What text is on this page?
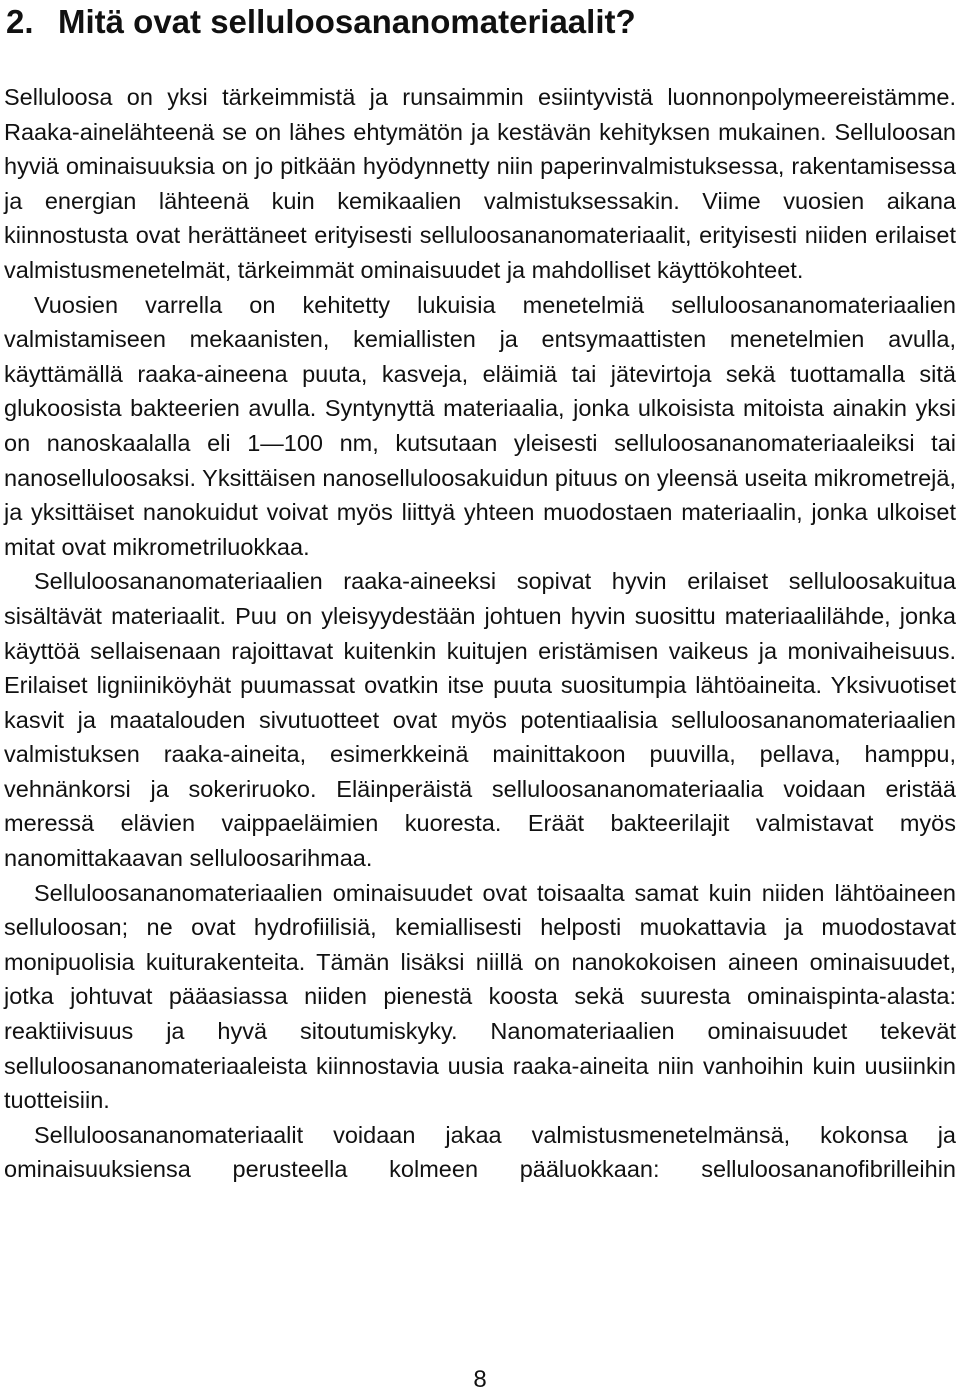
2. Mitä ovat selluloosananomateriaalit?

Selluloosa on yksi tärkeimmistä ja runsaimmin esiintyvistä luonnonpolymeereistämme. Raaka-ainelähteenä se on lähes ehtymätön ja kestävän kehityksen mukainen. Selluloosan hyviä ominaisuuksia on jo pitkään hyödynnetty niin paperinvalmistuksessa, rakentamisessa ja energian lähteenä kuin kemikaalien valmistuksessakin. Viime vuosien aikana kiinnostusta ovat herättäneet erityisesti selluloosananomateriaalit, erityisesti niiden erilaiset valmistusmenetelmät, tärkeimmät ominaisuudet ja mahdolliset käyttökohteet.

Vuosien varrella on kehitetty lukuisia menetelmiä selluloosananomateriaalien valmistamiseen mekaanisten, kemiallisten ja entsymaattisten menetelmien avulla, käyttämällä raaka-aineena puuta, kasveja, eläimiä tai jätevirtoja sekä tuottamalla sitä glukoosista bakteerien avulla. Syntynyttä materiaalia, jonka ulkoisista mitoista ainakin yksi on nanoskaalalla eli 1—100 nm, kutsutaan yleisesti selluloosananomateriaaleiksi tai nanoselluloosaksi. Yksittäisen nanoselluloosakuidun pituus on yleensä useita mikrometrejä, ja yksittäiset nanokuidut voivat myös liittyä yhteen muodostaen materiaalin, jonka ulkoiset mitat ovat mikrometriluokkaa.

Selluloosananomateriaalien raaka-aineeksi sopivat hyvin erilaiset selluloosakuitua sisältävät materiaalit. Puu on yleisyydestään johtuen hyvin suosittu materiaalilähde, jonka käyttöä sellaisenaan rajoittavat kuitenkin kuitujen eristämisen vaikeus ja monivaiheisuus. Erilaiset ligniiniköyhät puumassat ovatkin itse puuta suositumpia lähtöaineita. Yksivuotiset kasvit ja maatalouden sivutuotteet ovat myös potentiaalisia selluloosananomateriaalien valmistuksen raaka-aineita, esimerkkeinä mainittakoon puuvilla, pellava, hamppu, vehnänkorsi ja sokeriruoko. Eläinperäistä selluloosananomateriaalia voidaan eristää meressä elävien vaippaeläimien kuoresta. Eräät bakteerilajit valmistavat myös nanomittakaavan selluloosarihmaa.

Selluloosananomateriaalien ominaisuudet ovat toisaalta samat kuin niiden lähtöaineen selluloosan; ne ovat hydrofiilisiä, kemiallisesti helposti muokattavia ja muodostavat monipuolisia kuiturakenteita. Tämän lisäksi niillä on nanokokoisen aineen ominaisuudet, jotka johtuvat pääasiassa niiden pienestä koosta sekä suuresta ominaispinta-alasta: reaktiivisuus ja hyvä sitoutumiskyky. Nanomateriaalien ominaisuudet tekevät selluloosananomateriaaleista kiinnostavia uusia raaka-aineita niin vanhoihin kuin uusiinkin tuotteisiin.

Selluloosananomateriaalit voidaan jakaa valmistusmenetelmänsä, kokonsa ja ominaisuuksiensa perusteella kolmeen pääluokkaan: selluloosananofibrilleihin

8
